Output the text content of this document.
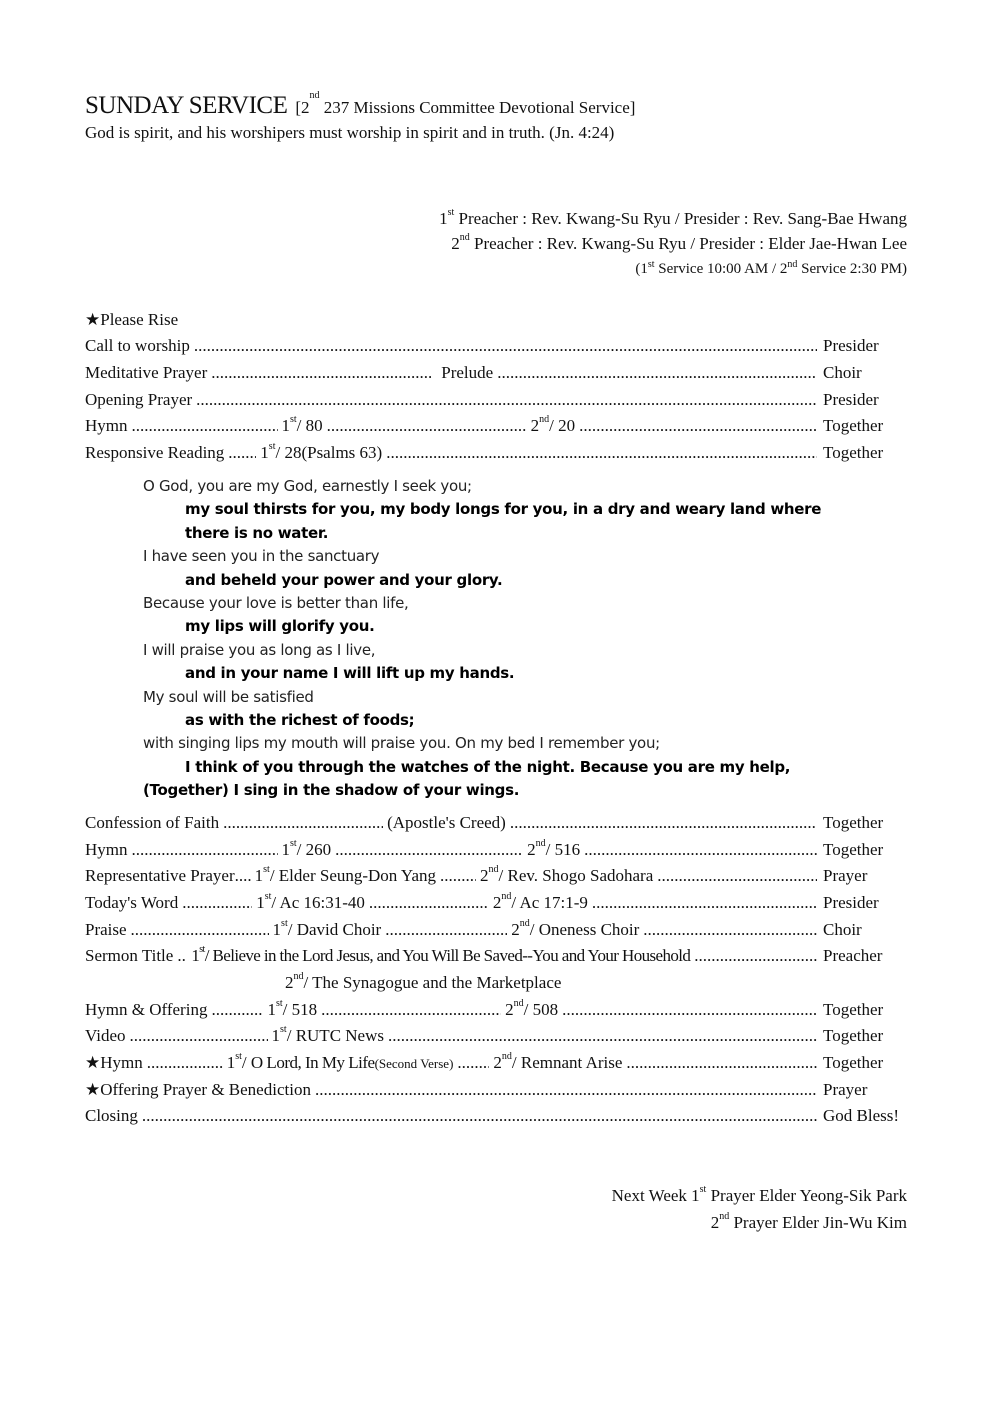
SUNDAY SERVICE [2nd 237 Missions Committee Devotional Service]
God is spirit, and his worshipers must worship in spirit and in truth. (Jn. 4:24)
1st Preacher : Rev. Kwang-Su Ryu / Presider : Rev. Sang-Bae Hwang
2nd Preacher : Rev. Kwang-Su Ryu / Presider : Elder Jae-Hwan Lee
(1st Service 10:00 AM / 2nd Service 2:30 PM)
★Please Rise
Call to worship .....	Presider
Meditative Prayer .....	Prelude .....	Choir
Opening Prayer .....	Presider
Hymn .....	1st/ 80 .....	2nd/ 20 .....	Together
Responsive Reading ..... 1st/ 28(Psalms 63) .....	Together
O God, you are my God, earnestly I seek you;
my soul thirsts for you, my body longs for you, in a dry and weary land where
there is no water.
I have seen you in the sanctuary
and beheld your power and your glory.
Because your love is better than life,
my lips will glorify you.
I will praise you as long as I live,
and in your name I will lift up my hands.
My soul will be satisfied
as with the richest of foods;
with singing lips my mouth will praise you. On my bed I remember you;
I think of you through the watches of the night. Because you are my help,
(Together) I sing in the shadow of your wings.
Confession of Faith .....	(Apostle's Creed) .....	Together
Hymn .....	1st/ 260 .....	2nd/ 516 .....	Together
Representative Prayer ..... 1st/ Elder Seung-Don Yang .....	2nd/ Rev. Shogo Sadohara .....	Prayer
Today's Word .....	1st/ Ac 16:31-40 .....	2nd/ Ac 17:1-9 .....	Presider
Praise .....	1st/ David Choir .....	2nd/ Oneness Choir .....	Choir
Sermon Title ..... 1st/ Believe in the Lord Jesus, and You Will Be Saved--You and Your Household .....	Preacher
2nd/ The Synagogue and the Marketplace
Hymn & Offering .....	1st/ 518 .....	2nd/ 508 .....	Together
Video .....	1st/ RUTC News .....	Together
★Hymn .....	1st/ O Lord, In My Life(Second Verse) ..... 2nd/ Remnant Arise .....	Together
★Offering Prayer & Benediction .....	Prayer
Closing .....	God Bless!
Next Week 1st Prayer Elder Yeong-Sik Park
2nd Prayer Elder Jin-Wu Kim
